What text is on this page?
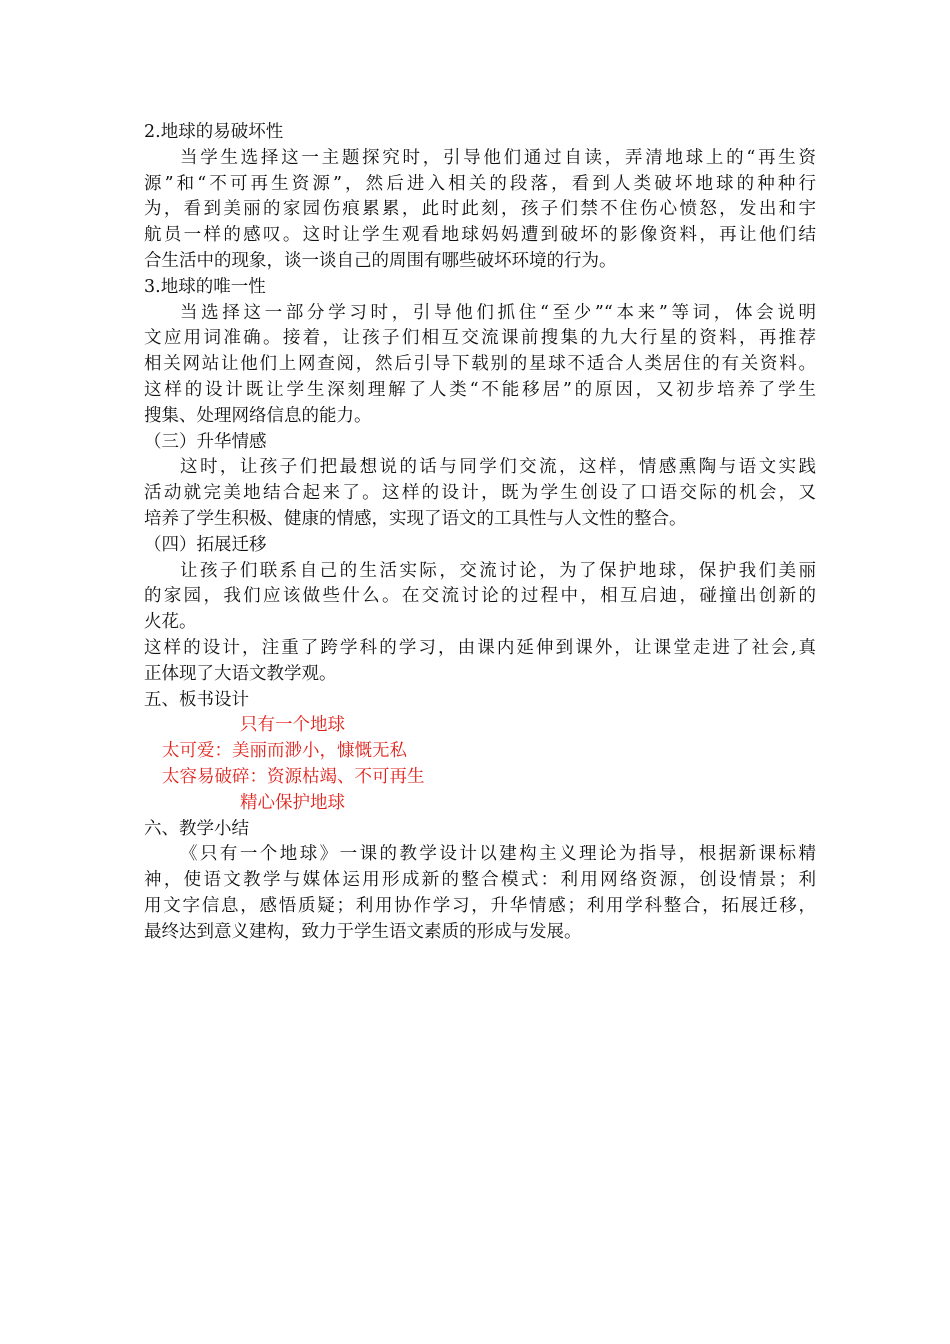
2.地球的易破坏性
当学生选择这一主题探究时，引导他们通过自读，弄清地球上的“再生资
源”和“不可再生资源”，然后进入相关的段落，看到人类破坏地球的种种行
为，看到美丽的家园伤痕累累，此时此刻，孩子们禁不住伤心愤怒，发出和宇
航员一样的感叹。这时让学生观看地球妈妈遭到破坏的影像资料，再让他们结
合生活中的现象，谈一谈自己的周围有哪些破坏环境的行为。
3.地球的唯一性
当选择这一部分学习时，引导他们抓住“至少”“本来”等词，体会说明
文应用词准确。接着，让孩子们相互交流课前搜集的九大行星的资料，再推荐
相关网站让他们上网查阅，然后引导下载别的星球不适合人类居住的有关资料。
这样的设计既让学生深刻理解了人类“不能移居”的原因，又初步培养了学生
搜集、处理网络信息的能力。
（三）升华情感
这时，让孩子们把最想说的话与同学们交流，这样，情感熏陶与语文实践
活动就完美地结合起来了。这样的设计，既为学生创设了口语交际的机会，又
培养了学生积极、健康的情感，实现了语文的工具性与人文性的整合。
（四）拓展迁移
让孩子们联系自己的生活实际，交流讨论，为了保护地球，保护我们美丽
的家园，我们应该做些什么。在交流讨论的过程中，相互启迪，碰撞出创新的
火花。
这样的设计，注重了跨学科的学习，由课内延伸到课外，让课堂走进了社会,真
正体现了大语文教学观。
五、板书设计
只有一个地球
太可爱：美丽而渺小，慷慨无私
太容易破碎：资源枯竭、不可再生
精心保护地球
六、教学小结
《只有一个地球》一课的教学设计以建构主义理论为指导，根据新课标精
神，使语文教学与媒体运用形成新的整合模式：利用网络资源，创设情景；利
用文字信息，感悟质疑；利用协作学习，升华情感；利用学科整合，拓展迁移，
最终达到意义建构，致力于学生语文素质的形成与发展。
